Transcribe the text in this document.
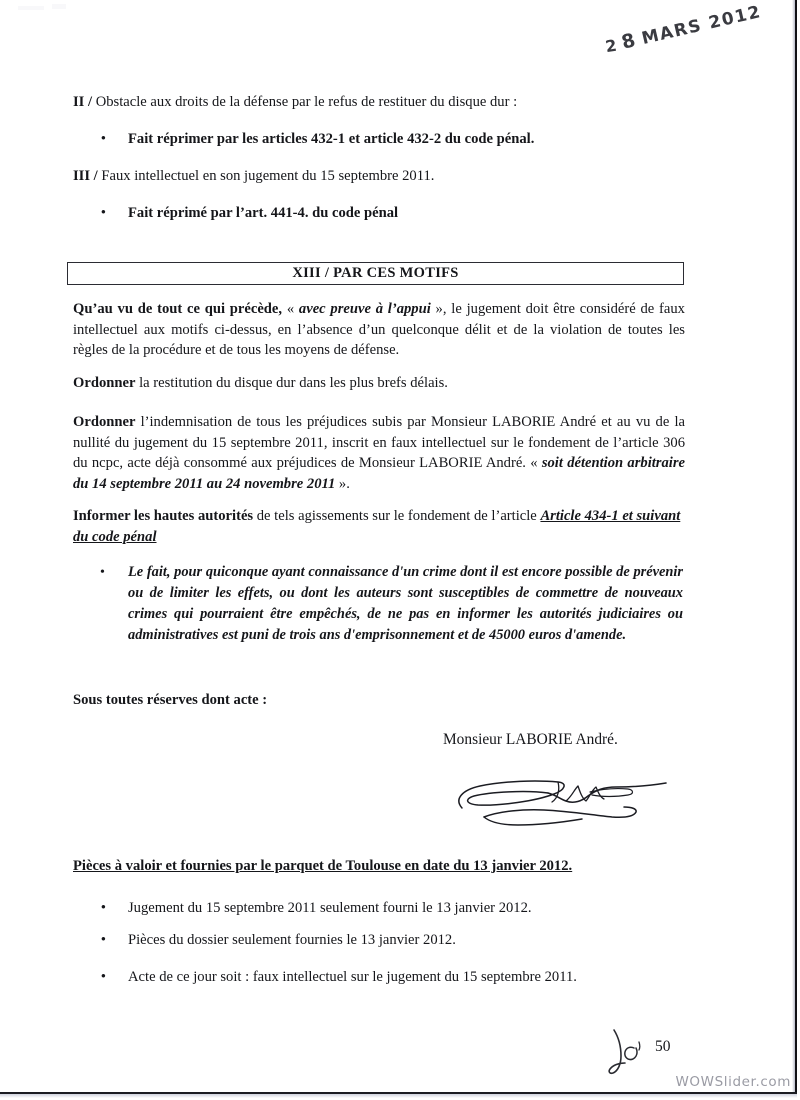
28MARS 2012
II / Obstacle aux droits de la défense par le refus de restituer du disque dur :
•	Fait réprimer par les articles 432-1 et article 432-2 du code pénal.
III / Faux intellectuel en son jugement du 15 septembre 2011.
•	Fait réprimé par l’art. 441-4. du code pénal
XIII / PAR CES MOTIFS
Qu’au vu de tout ce qui précède, « avec preuve à l’appui », le jugement doit être considéré de faux intellectuel aux motifs ci-dessus, en l’absence d’un quelconque délit et de la violation de toutes les règles de la procédure et de tous les moyens de défense.
Ordonner la restitution du disque dur dans les plus brefs délais.
Ordonner l’indemnisation de tous les préjudices subis par Monsieur LABORIE André et au vu de la nullité du jugement du 15 septembre 2011, inscrit en faux intellectuel sur le fondement de l’article 306 du ncpc, acte déjà consommé aux préjudices de Monsieur LABORIE André. « soit détention arbitraire du 14 septembre 2011 au 24 novembre 2011 ».
Informer les hautes autorités de tels agissements sur le fondement de l’article Article 434-1 et suivant du code pénal
•	Le fait, pour quiconque ayant connaissance d'un crime dont il est encore possible de prévenir ou de limiter les effets, ou dont les auteurs sont susceptibles de commettre de nouveaux crimes qui pourraient être empêchés, de ne pas en informer les autorités judiciaires ou administratives est puni de trois ans d'emprisonnement et de 45000 euros d'amende.
Sous toutes réserves dont acte :
Monsieur LABORIE André.
Pièces à valoir et fournies par le parquet de Toulouse en date du 13 janvier 2012.
•	Jugement du 15 septembre 2011 seulement fourni le 13 janvier 2012.
•	Pièces du dossier seulement fournies le 13 janvier 2012.
•	Acte de ce jour soit : faux intellectuel sur le jugement du 15 septembre 2011.
50
WOWSlider.com
